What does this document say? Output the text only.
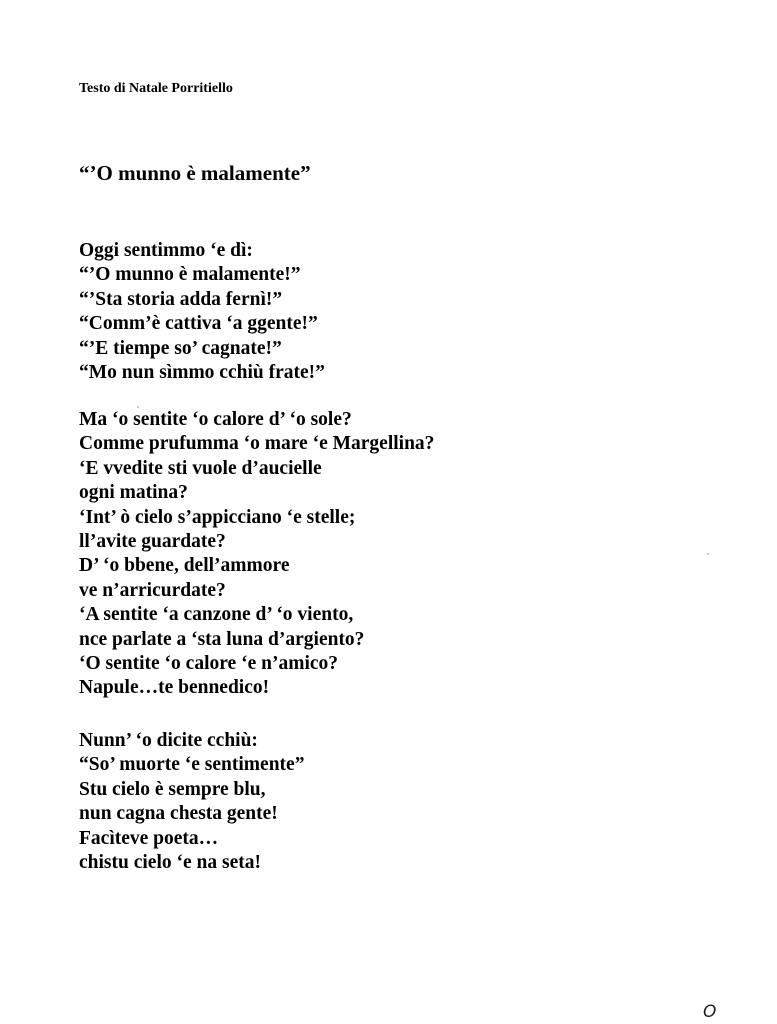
Testo di Natale Porritiello
“’O munno è malamente”
Oggi sentimmo ‘e dì:
“’O munno è malamente!”
“’Sta storia adda fernì!”
“Comm’è cattiva ‘a ggente!”
“’E tiempe so’ cagnate!”
“Mo nun sìmmo cchiù frate!”
Ma ‘o sentite ‘o calore d’ ‘o sole?
Comme prufumma ‘o mare ‘e Margellina?
‘E vvedite sti vuole d’aucielle
ogni matina?
‘Int’ ò cielo s’appicciano ‘e stelle;
ll’avite guardate?
D’ ‘o bbene, dell’ammore
ve n’arricurdate?
‘A sentite ‘a canzone d’ ‘o viento,
nce parlate a ‘sta luna d’argiento?
‘O sentite ‘o calore ‘e n’amico?
Napule…te bennedico!
Nunn’ ‘o dicite cchiù:
“So’ muorte ‘e sentimente”
Stu cielo è sempre blu,
nun cagna chesta gente!
Facìteve poeta…
chistu cielo ‘e na seta!
O
